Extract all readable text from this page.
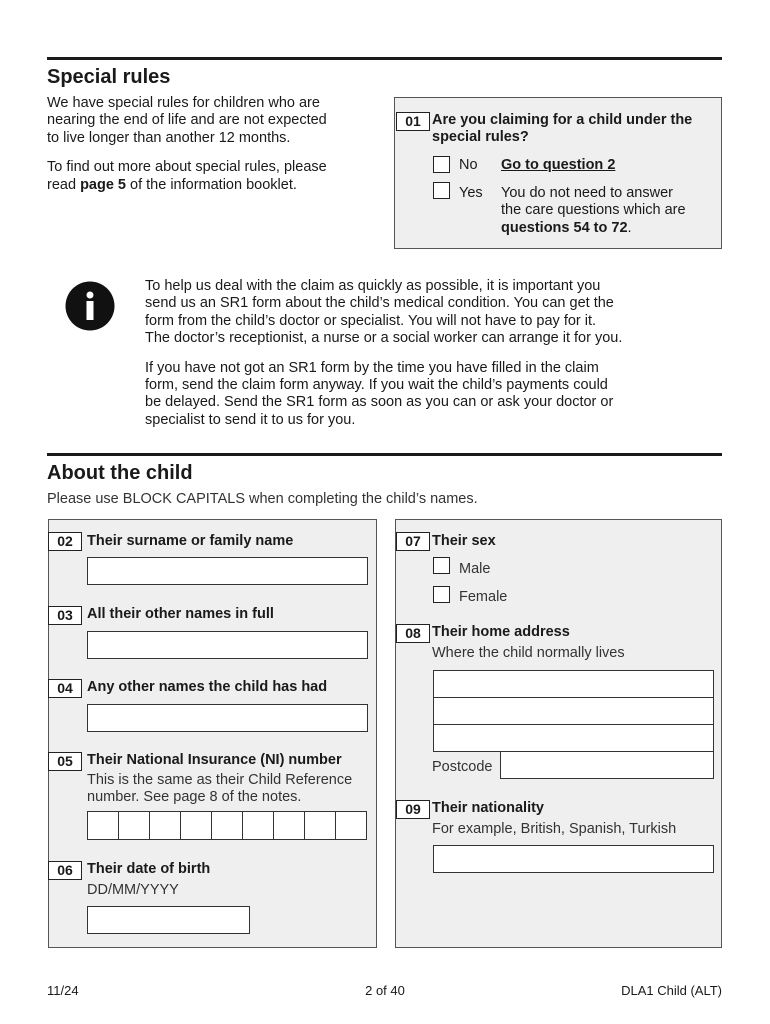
Special rules
We have special rules for children who are
nearing the end of life and are not expected
to live longer than another 12 months.
To find out more about special rules, please
read page 5 of the information booklet.
01 Are you claiming for a child under the
special rules?
No Go to question 2
Yes You do not need to answer
the care questions which are
questions 54 to 72.
To help us deal with the claim as quickly as possible, it is important you
send us an SR1 form about the child’s medical condition. You can get the
form from the child’s doctor or specialist. You will not have to pay for it.
The doctor’s receptionist, a nurse or a social worker can arrange it for you.
If you have not got an SR1 form by the time you have filled in the claim
form, send the claim form anyway. If you wait the child’s payments could
be delayed. Send the SR1 form as soon as you can or ask your doctor or
specialist to send it to us for you.
About the child
Please use BLOCK CAPITALS when completing the child’s names.
02 Their surname or family name
03 All their other names in full
04 Any other names the child has had
05 Their National Insurance (NI) number
This is the same as their Child Reference
number. See page 8 of the notes.
06 Their date of birth
DD/MM/YYYY
07 Their sex
Male
Female
08 Their home address
Where the child normally lives
Postcode
09 Their nationality
For example, British, Spanish, Turkish
11/24	2 of 40	DLA1 Child (ALT)
